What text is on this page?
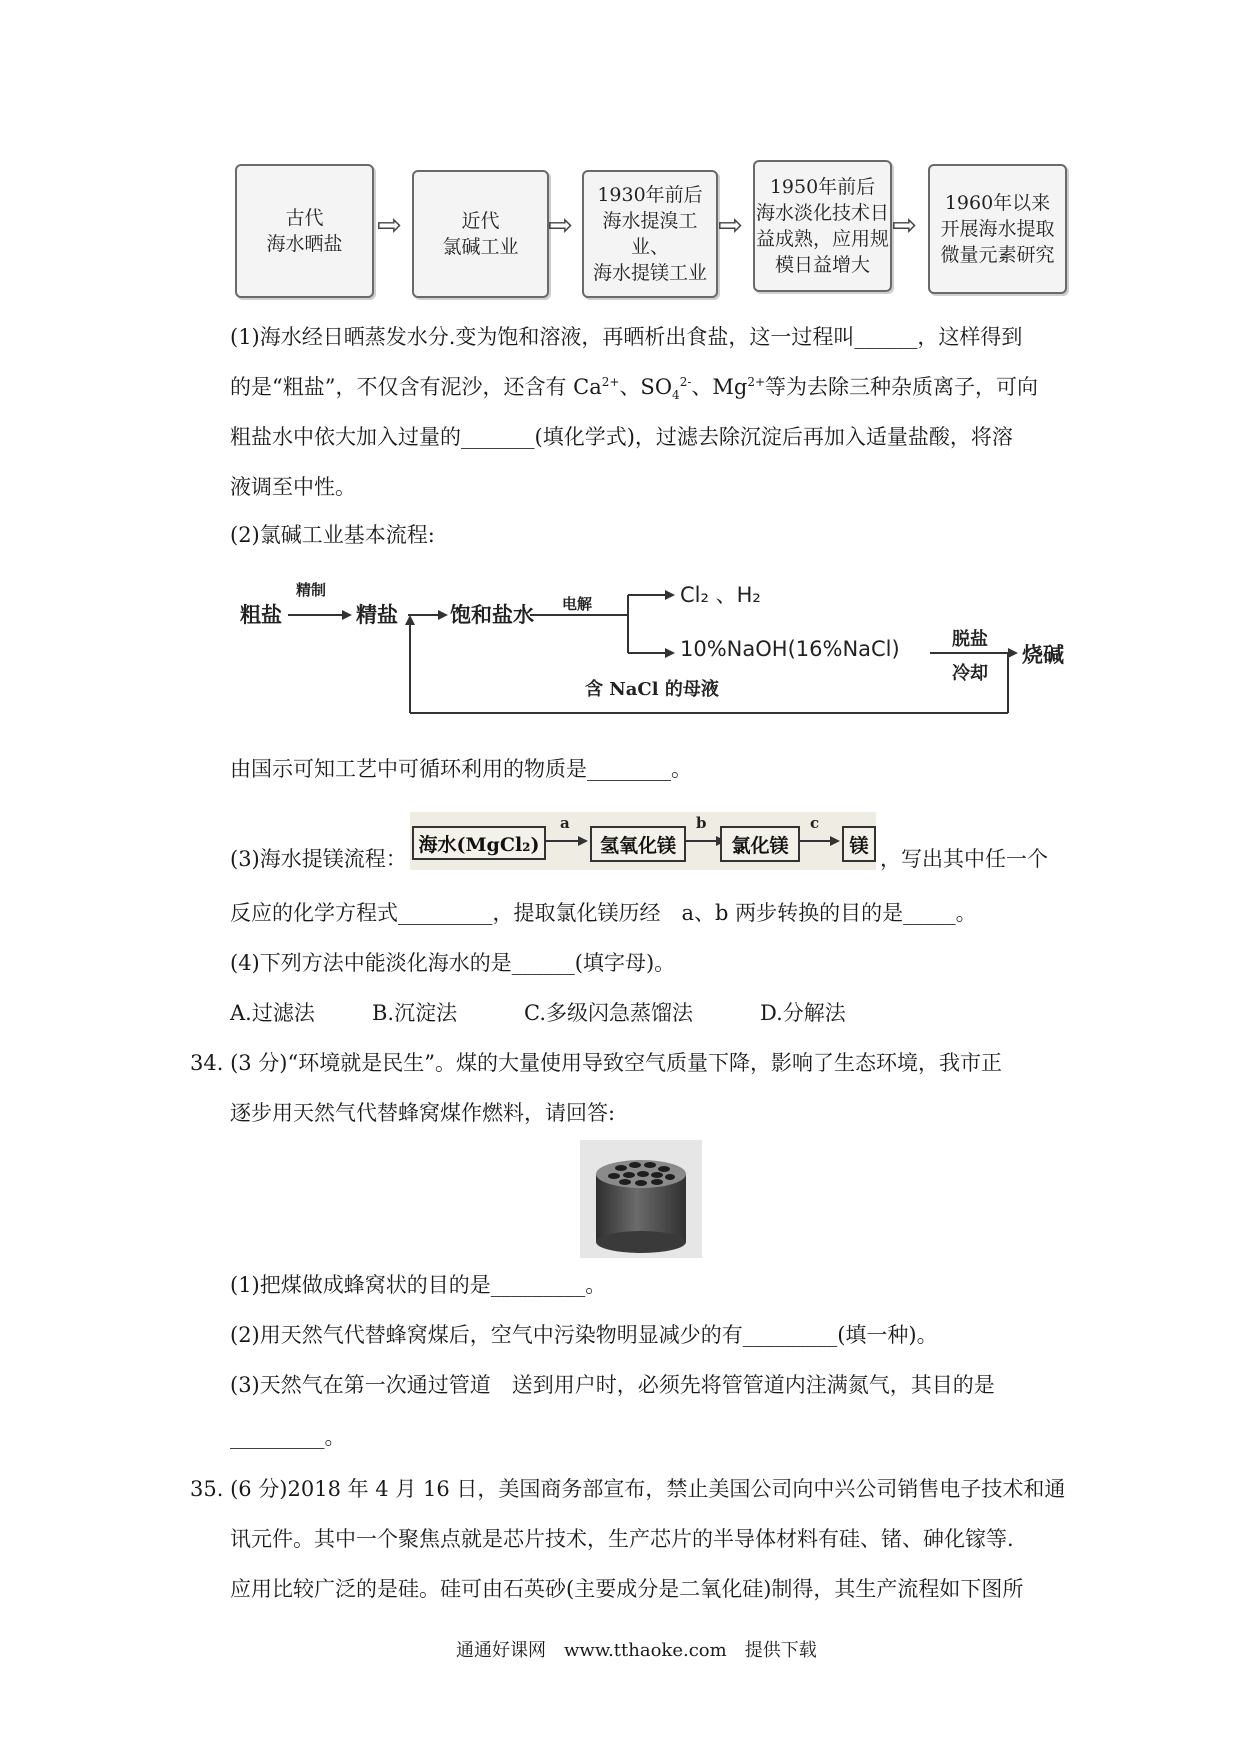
古代
海水晒盐
⇨	近代
氯碱工业
⇨
1930年前后
海水提溴工业、
海水提镁工业
⇨
1950年前后
海水淡化技术日
益成熟，应用规
模日益增大
⇨
1960年以来
开展海水提取
微量元素研究
(1)海水经日晒蒸发水分.变为饱和溶液，再晒析出食盐，这一过程叫______，这样得到
的是“粗盐”，不仅含有泥沙，还含有 $Ca^{2+}$、$SO_4^{2-}$、$Mg^{2+}$等为去除三种杂质离子，可向
粗盐水中依大加入过量的_______(填化学式)，过滤去除沉淀后再加入适量盐酸，将溶
液调至中性。
(2)氯碱工业基本流程:
粗盐
精制
精盐 饱和盐水 电解	Cl₂ 、H₂
10%NaOH(16%NaCl)	脱盐
冷却
烧碱
含 NaCl 的母液
由国示可知工艺中可循环利用的物质是________。
(3)海水提镁流程：
海水(MgCl₂)
a
氢氧化镁
b
氯化镁
c
镁
，写出其中任一个
反应的化学方程式_________，提取氯化镁历经　a、b 两步转换的目的是_____。
(4)下列方法中能淡化海水的是______(填字母)。
A.过滤法	B.沉淀法	C.多级闪急蒸馏法	D.分解法
34. (3 分)“环境就是民生”。煤的大量使用导致空气质量下降，影响了生态环境，我市正
逐步用天然气代替蜂窝煤作燃料，请回答:
(1)把煤做成蜂窝状的目的是_________。
(2)用天然气代替蜂窝煤后，空气中污染物明显减少的有_________(填一种)。
(3)天然气在第一次通过管道　送到用户时，必须先将管管道内注满氮气，其目的是
_________。
35. (6 分)2018 年 4 月 16 日，美国商务部宣布，禁止美国公司向中兴公司销售电子技术和通
讯元件。其中一个聚焦点就是芯片技术，生产芯片的半导体材料有硅、锗、砷化镓等.
应用比较广泛的是硅。硅可由石英砂(主要成分是二氧化硅)制得，其生产流程如下图所
通通好课网　www.tthaoke.com　提供下载
